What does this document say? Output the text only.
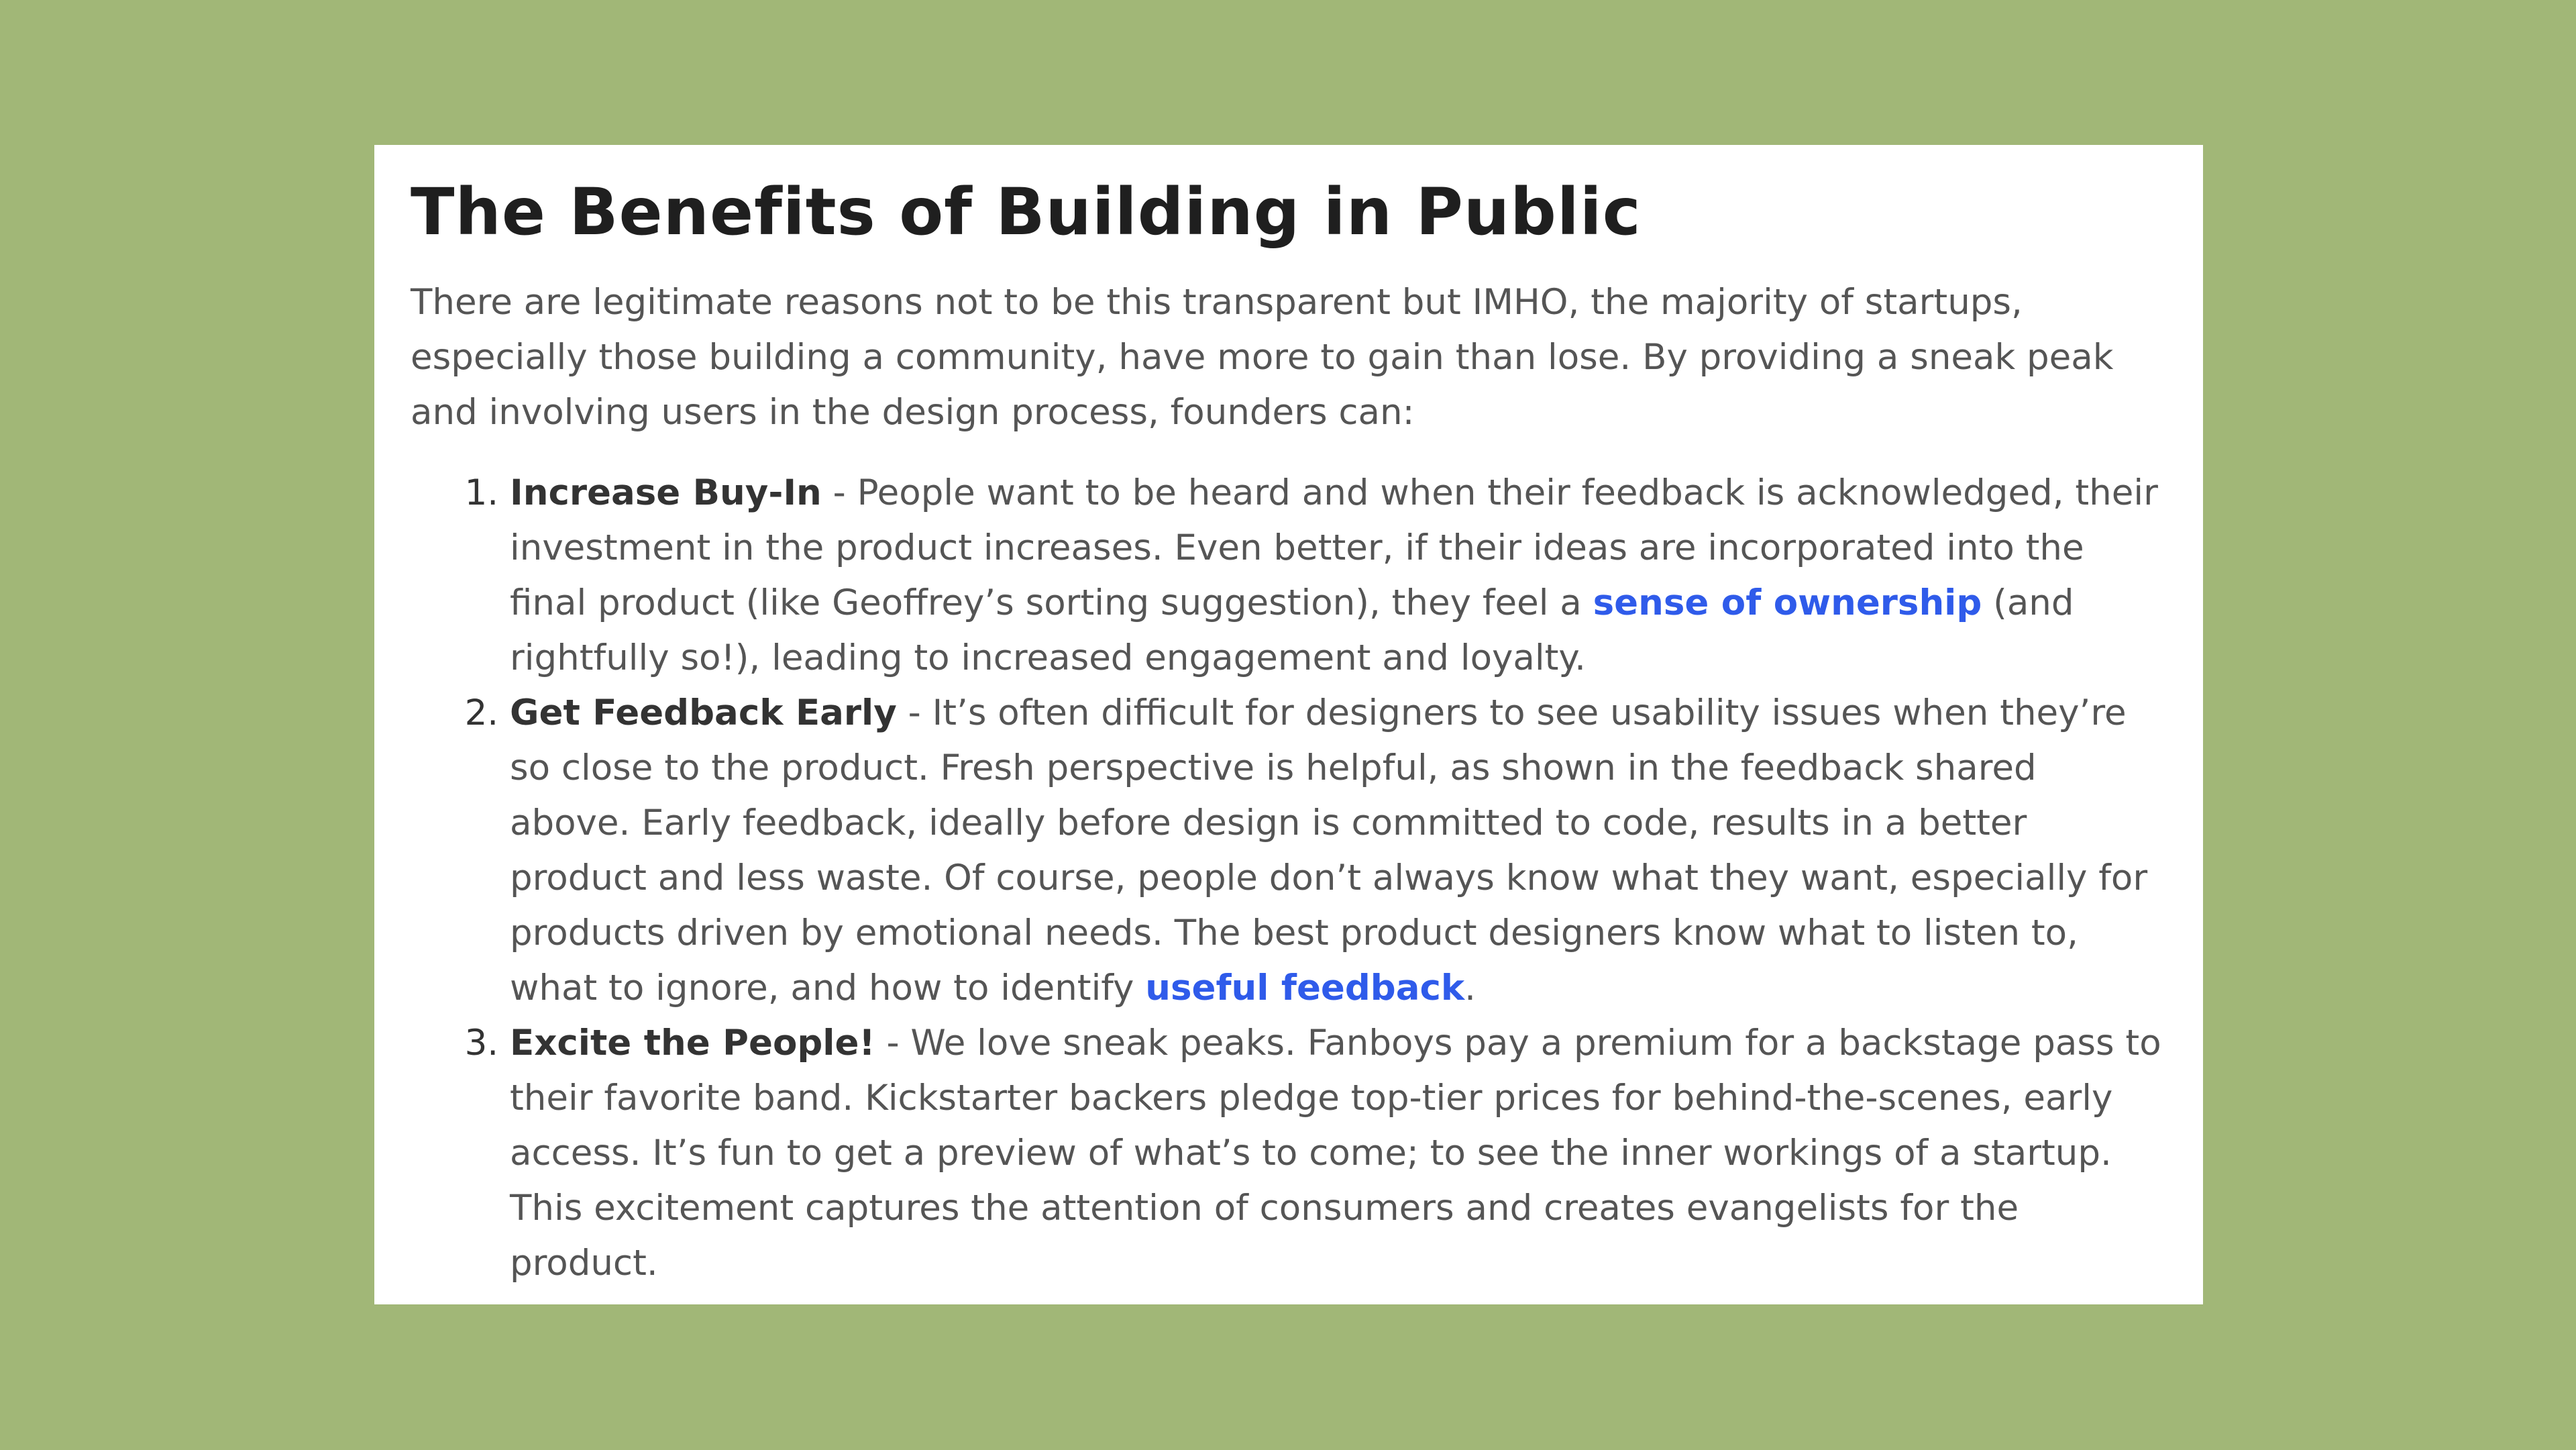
The Benefits of Building in Public

There are legitimate reasons not to be this transparent but IMHO, the majority of startups, especially those building a community, have more to gain than lose. By providing a sneak peak and involving users in the design process, founders can:

1. Increase Buy-In - People want to be heard and when their feedback is acknowledged, their investment in the product increases. Even better, if their ideas are incorporated into the final product (like Geoffrey’s sorting suggestion), they feel a sense of ownership (and rightfully so!), leading to increased engagement and loyalty.
2. Get Feedback Early - It’s often difficult for designers to see usability issues when they’re so close to the product. Fresh perspective is helpful, as shown in the feedback shared above. Early feedback, ideally before design is committed to code, results in a better product and less waste. Of course, people don’t always know what they want, especially for products driven by emotional needs. The best product designers know what to listen to, what to ignore, and how to identify useful feedback.
3. Excite the People! - We love sneak peaks. Fanboys pay a premium for a backstage pass to their favorite band. Kickstarter backers pledge top-tier prices for behind-the-scenes, early access. It’s fun to get a preview of what’s to come; to see the inner workings of a startup. This excitement captures the attention of consumers and creates evangelists for the product.
